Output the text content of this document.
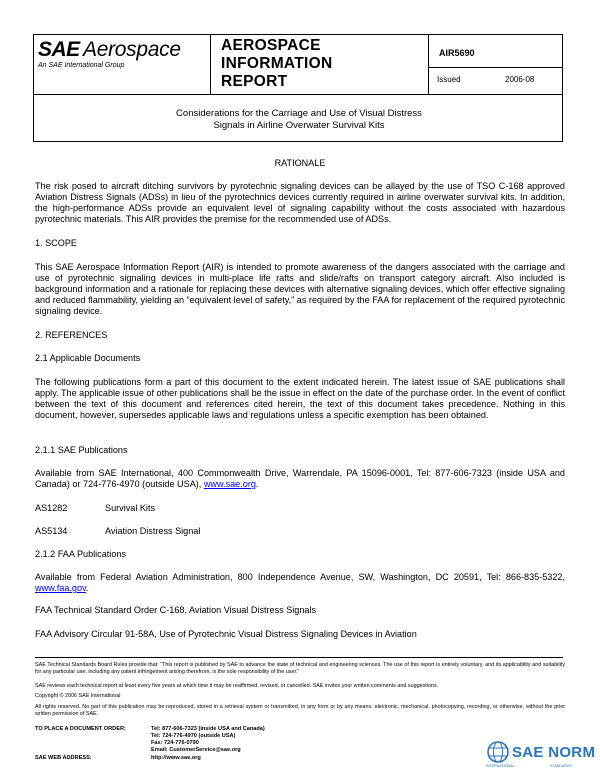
SAE Aerospace
An SAE International Group
AEROSPACE
INFORMATION
REPORT
AIR5690
Issued	2006-08
Considerations for the Carriage and Use of Visual Distress
Signals in Airline Overwater Survival Kits
RATIONALE
The risk posed to aircraft ditching survivors by pyrotechnic signaling devices can be allayed by the use of TSO C-168 approved Aviation Distress Signals (ADSs) in lieu of the pyrotechnics devices currently required in airline overwater survival kits. In addition, the high-performance ADSs provide an equivalent level of signaling capability without the costs associated with hazardous pyrotechnic materials. This AIR provides the premise for the recommended use of ADSs.
1. SCOPE
This SAE Aerospace Information Report (AIR) is intended to promote awareness of the dangers associated with the carriage and use of pyrotechnic signaling devices in multi-place life rafts and slide/rafts on transport category aircraft. Also included is background information and a rationale for replacing these devices with alternative signaling devices, which offer effective signaling and reduced flammability, yielding an “equivalent level of safety,” as required by the FAA for replacement of the required pyrotechnic signaling device.
2. REFERENCES
2.1 Applicable Documents
The following publications form a part of this document to the extent indicated herein. The latest issue of SAE publications shall apply. The applicable issue of other publications shall be the issue in effect on the date of the purchase order. In the event of conflict between the text of this document and references cited herein, the text of this document takes precedence. Nothing in this document, however, supersedes applicable laws and regulations unless a specific exemption has been obtained.
2.1.1 SAE Publications
Available from SAE International, 400 Commonwealth Drive, Warrendale, PA 15096-0001, Tel: 877-606-7323 (inside USA and Canada) or 724-776-4970 (outside USA), www.sae.org.
AS1282	Survival Kits
AS5134	Aviation Distress Signal
2.1.2 FAA Publications
Available from Federal Aviation Administration, 800 Independence Avenue, SW, Washington, DC 20591, Tel: 866-835-5322, www.faa.gov.
FAA Technical Standard Order C-168, Aviation Visual Distress Signals
FAA Advisory Circular 91-58A, Use of Pyrotechnic Visual Distress Signaling Devices in Aviation
SAE Technical Standards Board Rules provide that: “This report is published by SAE to advance the state of technical and engineering sciences. The use of this report is entirely voluntary, and its applicability and suitability for any particular use, including any patent infringement arising therefrom, is the sole responsibility of the user.”
SAE reviews each technical report at least every five years at which time it may be reaffirmed, revised, or cancelled. SAE invites your written comments and suggestions.
Copyright © 2006 SAE International
All rights reserved. No part of this publication may be reproduced, stored in a retrieval system or transmitted, in any form or by any means, electronic, mechanical, photocopying, recording, or otherwise, without the prior written permission of SAE.
TO PLACE A DOCUMENT ORDER:	Tel: 877-606-7323 (inside USA and Canada)
Tel: 724-776-4970 (outside USA)
Fax: 724-776-0790
Email: CustomerService@sae.org
SAE WEB ADDRESS:	http://www.sae.org	SAE NORM
INTERNATIONAL	STANDARDS
